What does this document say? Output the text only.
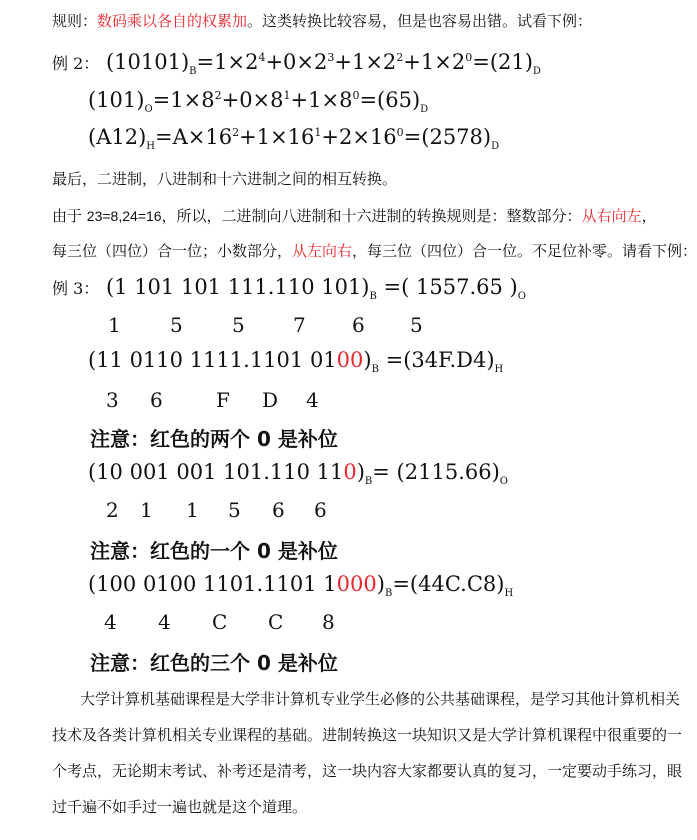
规则：数码乘以各自的权累加。这类转换比较容易，但是也容易出错。试看下例：
例 2： $(10101)_B=1\times 2^4+0\times 2^3+1\times 2^2+1\times 2^0=(21)_D$
$(101)_O=1\times 8^2+0\times 8^1+1\times 8^0=(65)_D$
$(A12)_H=A\times 16^2+1\times 16^1+2\times 16^0=(2578)_D$
最后，二进制，八进制和十六进制之间的相互转换。
由于 23=8,24=16，所以，二进制向八进制和十六进制的转换规则是：整数部分：从右向左，
每三位（四位）合一位；小数部分，从左向右，每三位（四位）合一位。不足位补零。请看下例：
例 3： (1 101 101 111.110 $101)_B$ =( 1557.65 )$_O$
1 5 5 7 6 5
(11 0110 1111.1101 $0100)_B =(34F.D4)_H$
3 6	F D 4
注意：红色的两个 0 是补位
(10 001 001 101.110 $110)_B= (2115.66)_O$
2 1 1 5 6 6
注意：红色的一个 0 是补位
(100 0100 1101.1101 $1000)_B=(44C.C8)_H$
4 4 C C 8
注意：红色的三个 0 是补位
大学计算机基础课程是大学非计算机专业学生必修的公共基础课程，是学习其他计算机相关
技术及各类计算机相关专业课程的基础。进制转换这一块知识又是大学计算机课程中很重要的一
个考点，无论期末考试、补考还是清考，这一块内容大家都要认真的复习，一定要动手练习，眼
过千遍不如手过一遍也就是这个道理。
